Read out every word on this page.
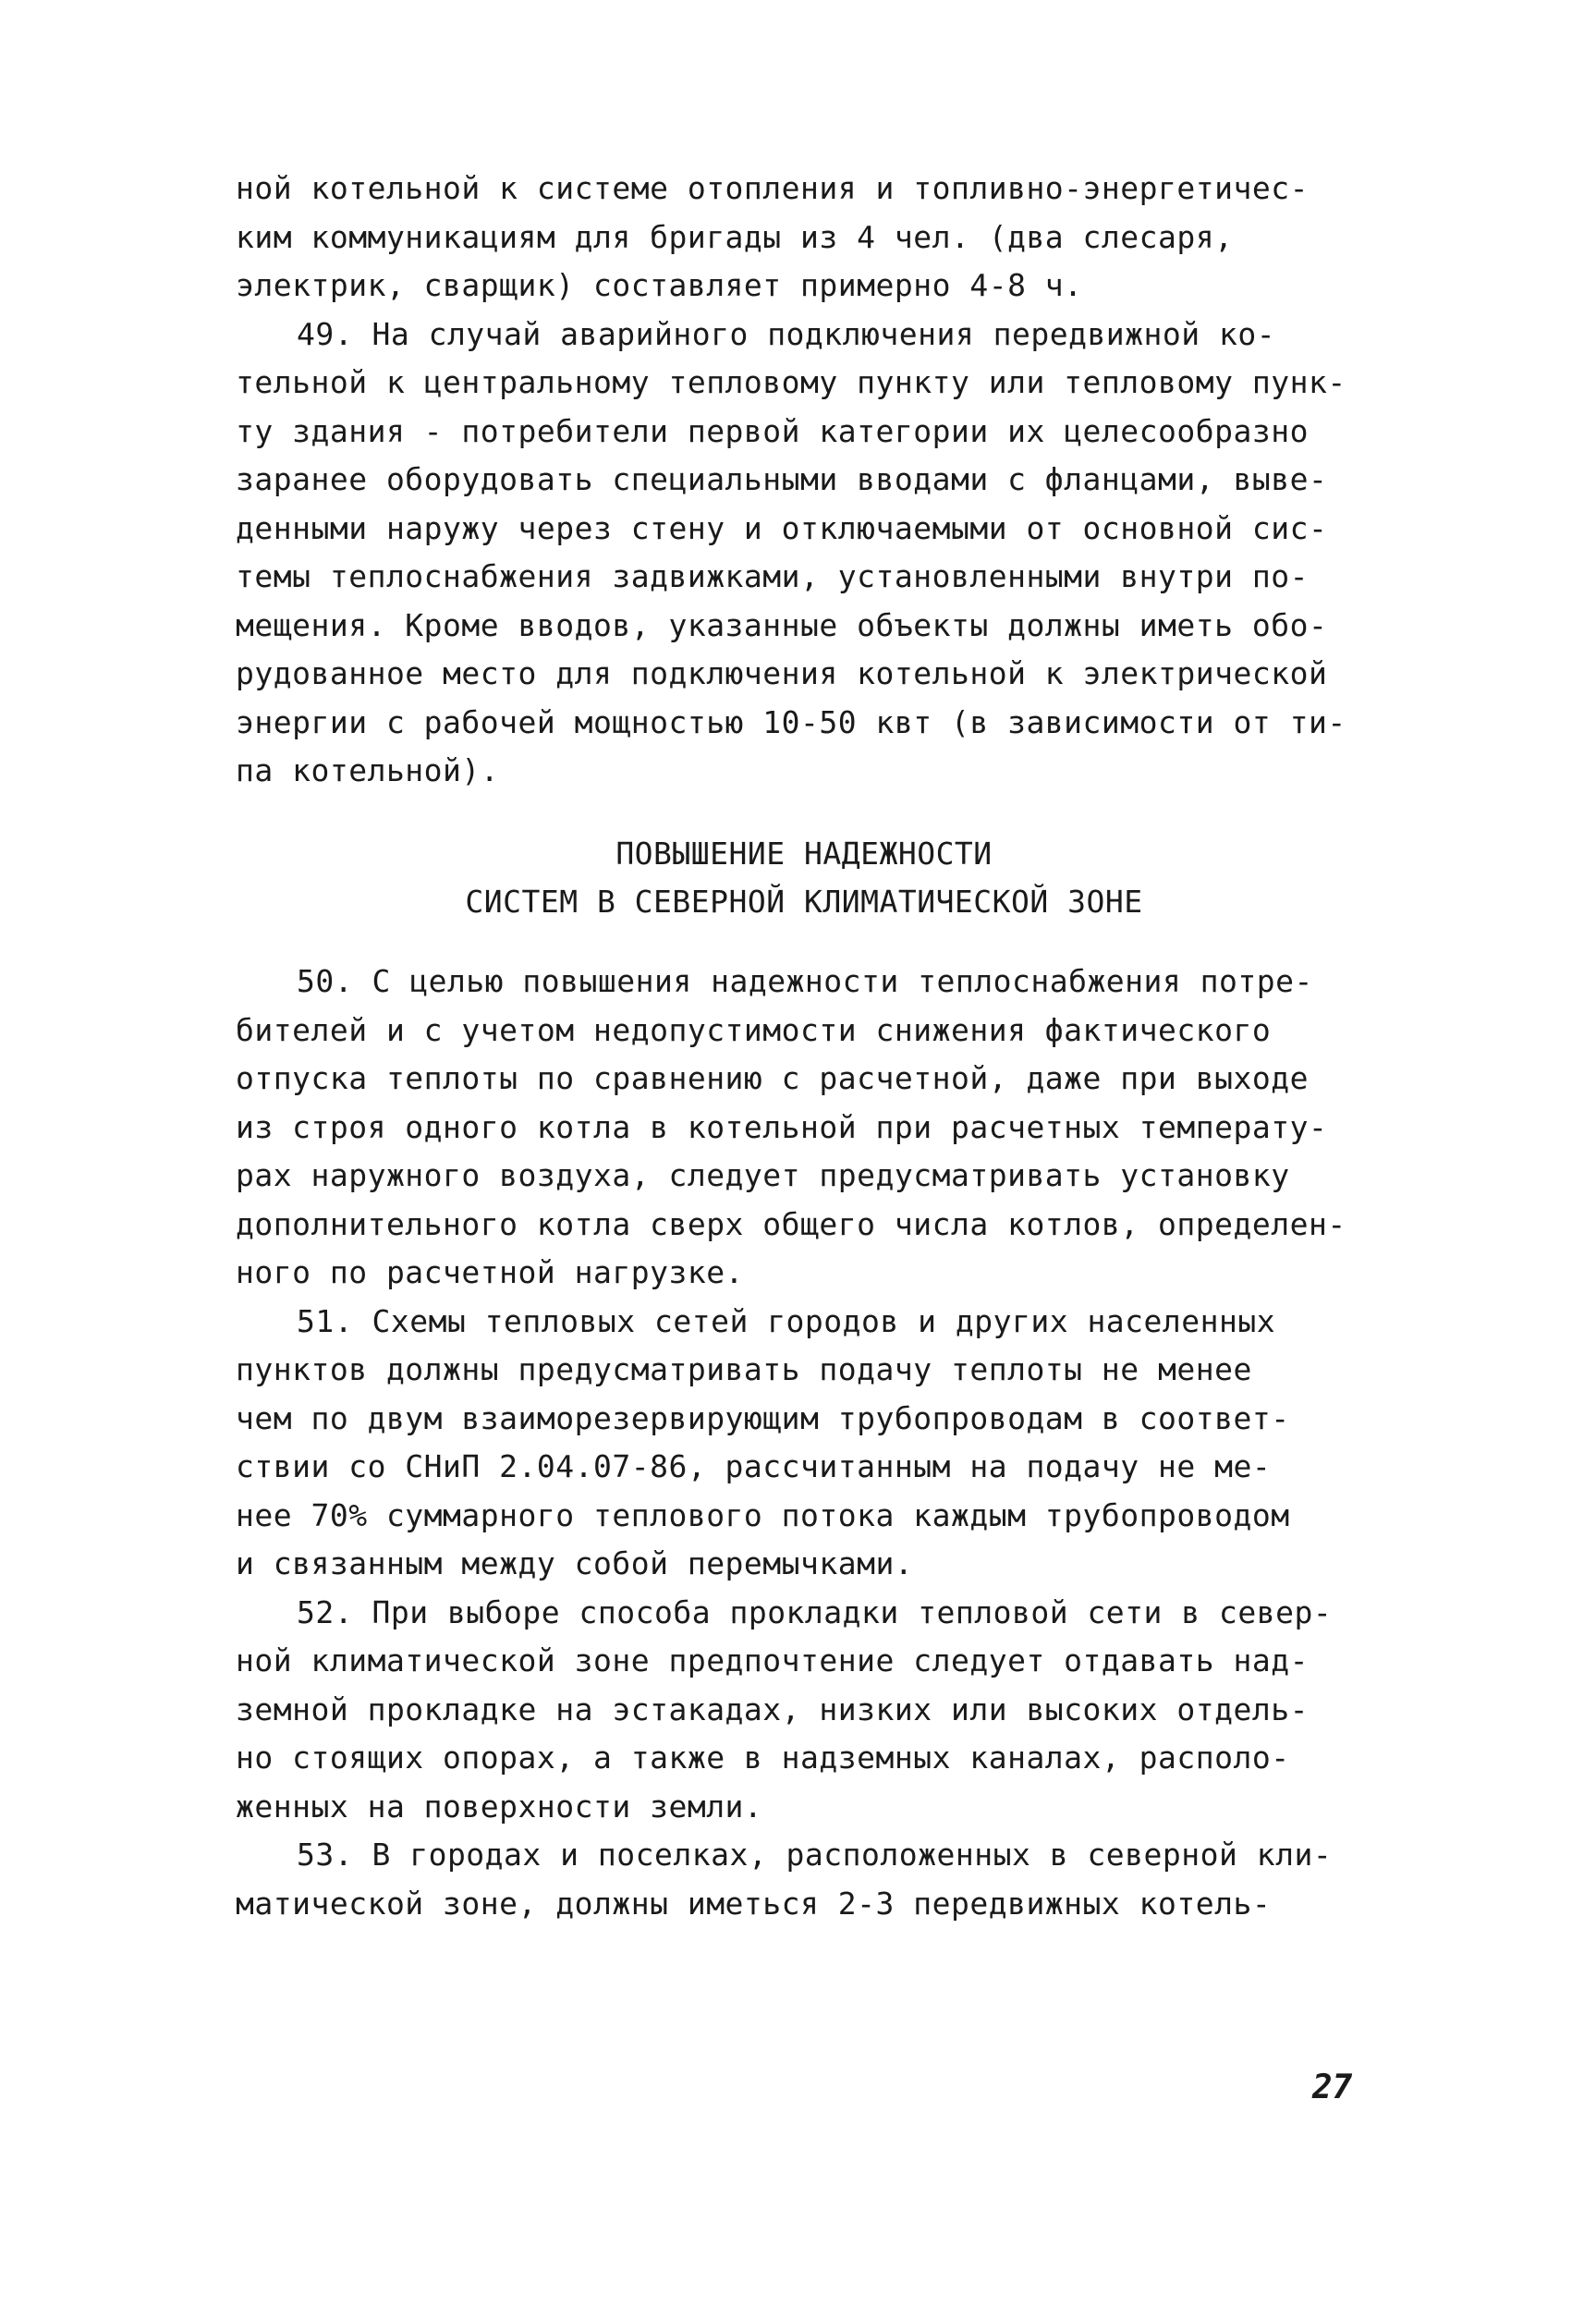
ной котельной к системе отопления и топливно-энергетичес-
ким коммуникациям для бригады из 4 чел. (два слесаря,
электрик, сварщик) составляет примерно 4-8 ч.
49. На случай аварийного подключения передвижной ко-
тельной к центральному тепловому пункту или тепловому пунк-
ту здания - потребители первой категории их целесообразно
заранее оборудовать специальными вводами с фланцами, выве-
денными наружу через стену и отключаемыми от основной сис-
темы теплоснабжения задвижками, установленными внутри по-
мещения. Кроме вводов, указанные объекты должны иметь обо-
рудованное место для подключения котельной к электрической
энергии с рабочей мощностью 10-50 квт (в зависимости от ти-
па котельной).
ПОВЫШЕНИЕ НАДЕЖНОСТИ
СИСТЕМ В СЕВЕРНОЙ КЛИМАТИЧЕСКОЙ ЗОНЕ
50. С целью повышения надежности теплоснабжения потре-
бителей и с учетом недопустимости снижения фактического
отпуска теплоты по сравнению с расчетной, даже при выходе
из строя одного котла в котельной при расчетных температу-
рах наружного воздуха, следует предусматривать установку
дополнительного котла сверх общего числа котлов, определен-
ного по расчетной нагрузке.
51. Схемы тепловых сетей городов и других населенных
пунктов должны предусматривать подачу теплоты не менее
чем по двум взаиморезервирующим трубопроводам в соответ-
ствии со СНиП 2.04.07-86, рассчитанным на подачу не ме-
нее 70% суммарного теплового потока каждым трубопроводом
и связанным между собой перемычками.
52. При выборе способа прокладки тепловой сети в север-
ной климатической зоне предпочтение следует отдавать над-
земной прокладке на эстакадах, низких или высоких отдель-
но стоящих опорах, а также в надземных каналах, располо-
женных на поверхности земли.
53. В городах и поселках, расположенных в северной кли-
матической зоне, должны иметься 2-3 передвижных котель-
27
